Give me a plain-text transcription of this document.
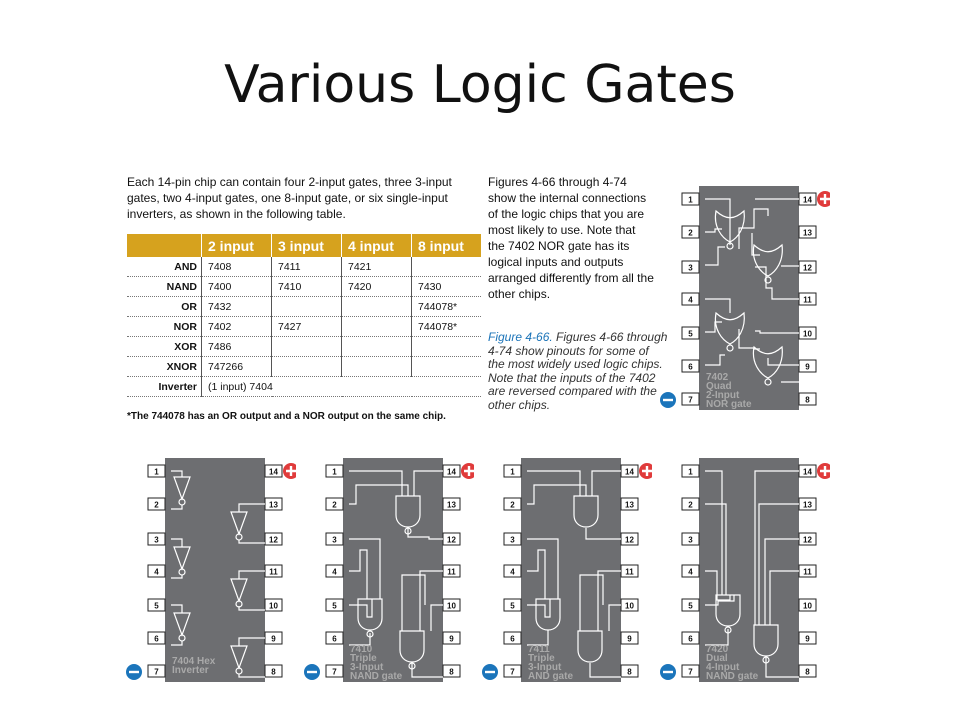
Various Logic Gates
Each 14-pin chip can contain four 2-input gates, three 3-input gates, two 4-input gates, one 8-input gate, or six single-input inverters, as shown in the following table.
	2 input	3 input	4 input	8 input
AND	7408	7411	7421	
NAND	7400	7410	7420	7430
OR	7432			744078*
NOR	7402	7427		744078*
XOR	7486			
XNOR	747266			
Inverter	(1 input) 7404			
*The 744078 has an OR output and a NOR output on the same chip.
Figures 4-66 through 4-74 show the internal connections of the logic chips that you are most likely to use. Note that the 7402 NOR gate has its logical inputs and outputs arranged differently from all the other chips.
Figure 4-66. Figures 4-66 through 4-74 show pinouts for some of the most widely used logic chips. Note that the inputs of the 7402 are reversed compared with the other chips.
1	14
2	13
3	12
4	11
5	10
6	9
7	8
7402
Quad
2-Input
NOR gate
1	14
2	13
3	12
4	11
5	10
6	9
7	8
7404 Hex
Inverter
1	14
2	13
3	12
4	11
5	10
6	9
7	8
7410
Triple
3-Input
NAND gate
1	14
2	13
3	12
4	11
5	10
6	9
7	8
7411
Triple
3-Input
AND gate
1	14
2	13
3	12
4	11
5	10
6	9
7	8
7420
Dual
4-Input
NAND gate
